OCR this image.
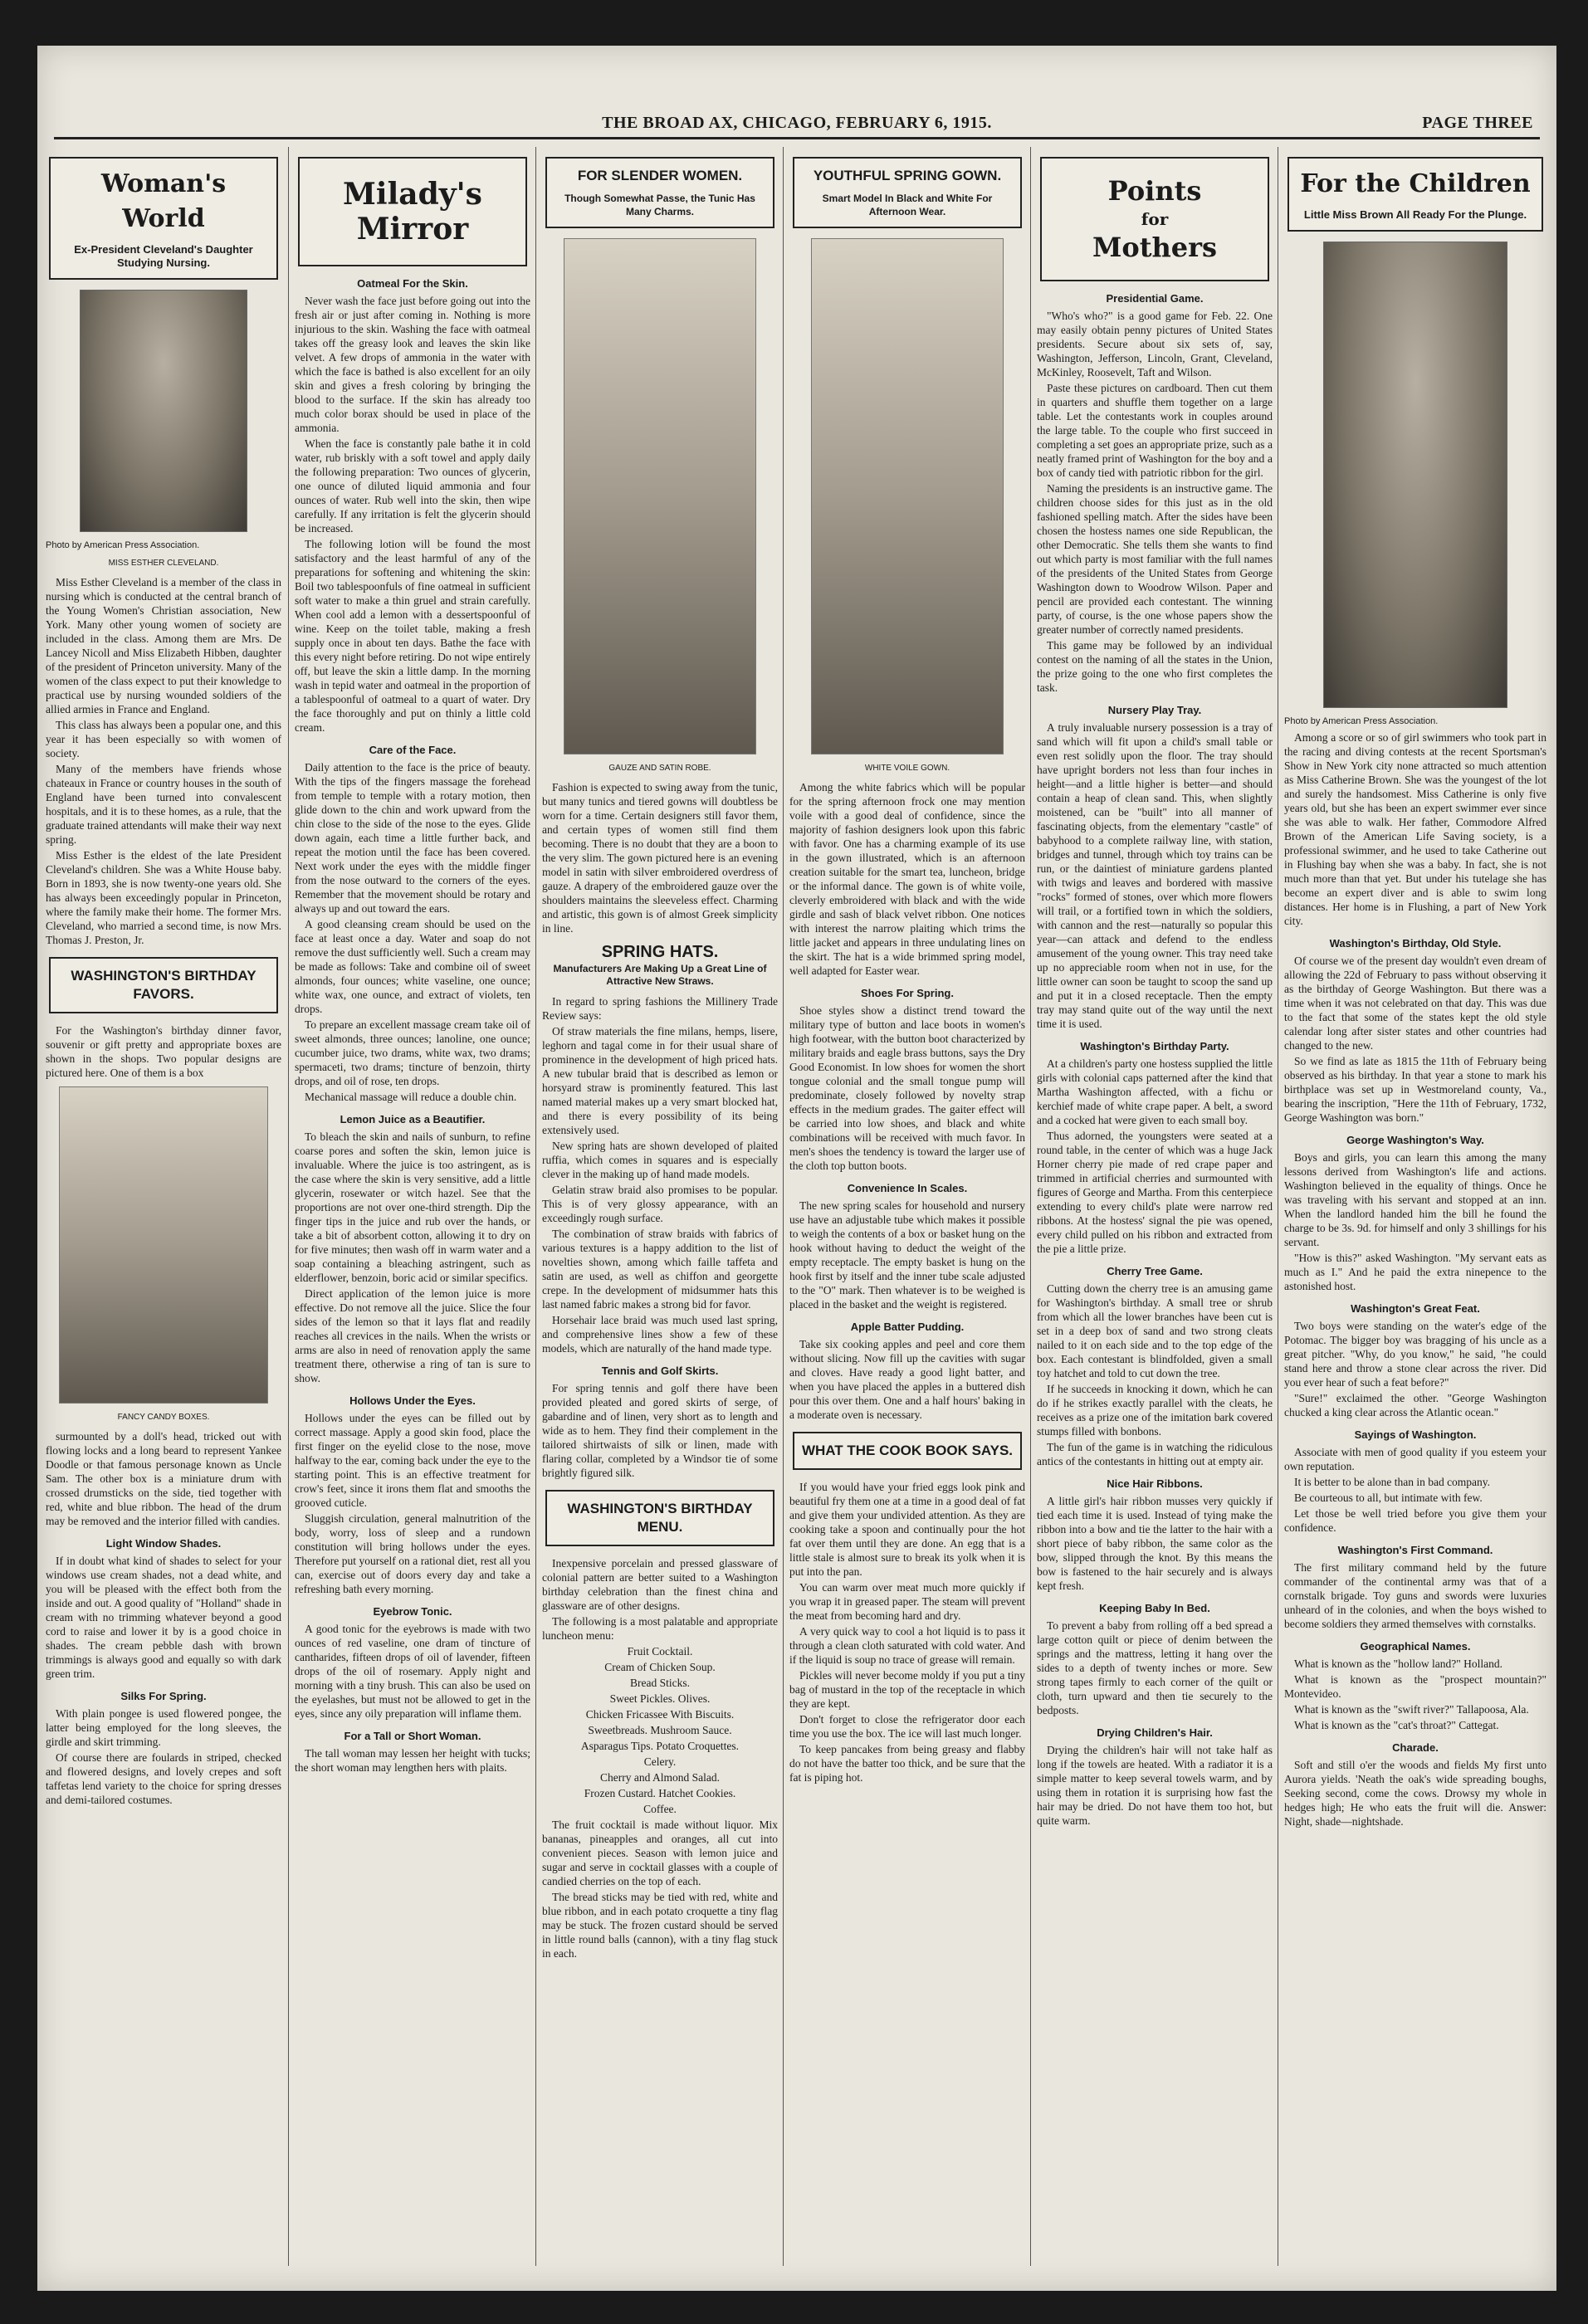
THE BROAD AX, CHICAGO, FEBRUARY 6, 1915.	PAGE THREE
Woman's World
Ex-President Cleveland's Daughter Studying Nursing.
Photo by American Press Association.
MISS ESTHER CLEVELAND.

Miss Esther Cleveland is a member of the class in nursing which is conducted at the central branch of the Young Women's Christian association, New York. Many other young women of society are included in the class. Among them are Mrs. De Lancey Nicoll and Miss Elizabeth Hibben, daughter of the president of Princeton university. Many of the women of the class expect to put their knowledge to practical use by nursing wounded soldiers of the allied armies in France and England.

This class has always been a popular one, and this year it has been especially so with women of society.

Many of the members have friends whose chateaux in France or country houses in the south of England have been turned into convalescent hospitals, and it is to these homes, as a rule, that the graduate trained attendants will make their way next spring.

Miss Esther is the eldest of the late President Cleveland's children. She was a White House baby. Born in 1893, she is now twenty-one years old. She has always been exceedingly popular in Princeton, where the family make their home. The former Mrs. Cleveland, who married a second time, is now Mrs. Thomas J. Preston, Jr.

WASHINGTON'S BIRTHDAY FAVORS.

For the Washington's birthday dinner favor, souvenir or gift pretty and appropriate boxes are shown in the shops. Two popular designs are pictured here. One of them is a box

FANCY CANDY BOXES.

surmounted by a doll's head, tricked out with flowing locks and a long beard to represent Yankee Doodle or that famous personage known as Uncle Sam. The other box is a miniature drum with crossed drumsticks on the side, tied together with red, white and blue ribbon. The head of the drum may be removed and the interior filled with candies.

Light Window Shades.

If in doubt what kind of shades to select for your windows use cream shades, not a dead white, and you will be pleased with the effect both from the inside and out. A good quality of "Holland" shade in cream with no trimming whatever beyond a good cord to raise and lower it by is a good choice in shades. The cream pebble dash with brown trimmings is always good and equally so with dark green trim.

Silks For Spring.

With plain pongee is used flowered pongee, the latter being employed for the long sleeves, the girdle and skirt trimming.

Of course there are foulards in striped, checked and flowered designs, and lovely crepes and soft taffetas lend variety to the choice for spring dresses and demi-tailored costumes.

Milady's
Mirror
Oatmeal For the Skin.

Never wash the face just before going out into the fresh air or just after coming in. Nothing is more injurious to the skin. Washing the face with oatmeal takes off the greasy look and leaves the skin like velvet. A few drops of ammonia in the water with which the face is bathed is also excellent for an oily skin and gives a fresh coloring by bringing the blood to the surface. If the skin has already too much color borax should be used in place of the ammonia.

When the face is constantly pale bathe it in cold water, rub briskly with a soft towel and apply daily the following preparation: Two ounces of glycerin, one ounce of diluted liquid ammonia and four ounces of water. Rub well into the skin, then wipe carefully. If any irritation is felt the glycerin should be increased.

The following lotion will be found the most satisfactory and the least harmful of any of the preparations for softening and whitening the skin: Boil two tablespoonfuls of fine oatmeal in sufficient soft water to make a thin gruel and strain carefully. When cool add a lemon with a dessertspoonful of wine. Keep on the toilet table, making a fresh supply once in about ten days. Bathe the face with this every night before retiring. Do not wipe entirely off, but leave the skin a little damp. In the morning wash in tepid water and oatmeal in the proportion of a tablespoonful of oatmeal to a quart of water. Dry the face thoroughly and put on thinly a little cold cream.

Care of the Face.

Daily attention to the face is the price of beauty. With the tips of the fingers massage the forehead from temple to temple with a rotary motion, then glide down to the chin and work upward from the chin close to the side of the nose to the eyes. Glide down again, each time a little further back, and repeat the motion until the face has been covered. Next work under the eyes with the middle finger from the nose outward to the corners of the eyes. Remember that the movement should be rotary and always up and out toward the ears.

A good cleansing cream should be used on the face at least once a day. Water and soap do not remove the dust sufficiently well. Such a cream may be made as follows: Take and combine oil of sweet almonds, four ounces; white vaseline, one ounce; white wax, one ounce, and extract of violets, ten drops.

To prepare an excellent massage cream take oil of sweet almonds, three ounces; lanoline, one ounce; cucumber juice, two drams, white wax, two drams; spermaceti, two drams; tincture of benzoin, thirty drops, and oil of rose, ten drops.

Mechanical massage will reduce a double chin.

Lemon Juice as a Beautifier.

To bleach the skin and nails of sunburn, to refine coarse pores and soften the skin, lemon juice is invaluable. Where the juice is too astringent, as is the case where the skin is very sensitive, add a little glycerin, rosewater or witch hazel. See that the proportions are not over one-third strength. Dip the finger tips in the juice and rub over the hands, or take a bit of absorbent cotton, allowing it to dry on for five minutes; then wash off in warm water and a soap containing a bleaching astringent, such as elderflower, benzoin, boric acid or similar specifics.

Direct application of the lemon juice is more effective. Do not remove all the juice. Slice the four sides of the lemon so that it lays flat and readily reaches all crevices in the nails. When the wrists or arms are also in need of renovation apply the same treatment there, otherwise a ring of tan is sure to show.

Hollows Under the Eyes.

Hollows under the eyes can be filled out by correct massage. Apply a good skin food, place the first finger on the eyelid close to the nose, move halfway to the ear, coming back under the eye to the starting point. This is an effective treatment for crow's feet, since it irons them flat and smooths the grooved cuticle.

Sluggish circulation, general malnutrition of the body, worry, loss of sleep and a rundown constitution will bring hollows under the eyes. Therefore put yourself on a rational diet, rest all you can, exercise out of doors every day and take a refreshing bath every morning.

Eyebrow Tonic.

A good tonic for the eyebrows is made with two ounces of red vaseline, one dram of tincture of cantharides, fifteen drops of oil of lavender, fifteen drops of the oil of rosemary. Apply night and morning with a tiny brush. This can also be used on the eyelashes, but must not be allowed to get in the eyes, since any oily preparation will inflame them.

For a Tall or Short Woman.

The tall woman may lessen her height with tucks; the short woman may lengthen hers with plaits.

FOR SLENDER WOMEN.
Though Somewhat Passe, the Tunic Has Many Charms.
GAUZE AND SATIN ROBE.

Fashion is expected to swing away from the tunic, but many tunics and tiered gowns will doubtless be worn for a time. Certain designers still favor them, and certain types of women still find them becoming. There is no doubt that they are a boon to the very slim. The gown pictured here is an evening model in satin with silver embroidered overdress of gauze. A drapery of the embroidered gauze over the shoulders maintains the sleeveless effect. Charming and artistic, this gown is of almost Greek simplicity in line.

SPRING HATS.
Manufacturers Are Making Up a Great Line of Attractive New Straws.

In regard to spring fashions the Millinery Trade Review says:

Of straw materials the fine milans, hemps, lisere, leghorn and tagal come in for their usual share of prominence in the development of high priced hats. A new tubular braid that is described as lemon or horsyard straw is prominently featured. This last named material makes up a very smart blocked hat, and there is every possibility of its being extensively used.

New spring hats are shown developed of plaited ruffia, which comes in squares and is especially clever in the making up of hand made models.

Gelatin straw braid also promises to be popular. This is of very glossy appearance, with an exceedingly rough surface.

The combination of straw braids with fabrics of various textures is a happy addition to the list of novelties shown, among which faille taffeta and satin are used, as well as chiffon and georgette crepe. In the development of midsummer hats this last named fabric makes a strong bid for favor.

Horsehair lace braid was much used last spring, and comprehensive lines show a few of these models, which are naturally of the hand made type.

Tennis and Golf Skirts.

For spring tennis and golf there have been provided pleated and gored skirts of serge, of gabardine and of linen, very short as to length and wide as to hem. They find their complement in the tailored shirtwaists of silk or linen, made with flaring collar, completed by a Windsor tie of some brightly figured silk.

WASHINGTON'S BIRTHDAY MENU.

Inexpensive porcelain and pressed glassware of colonial pattern are better suited to a Washington birthday celebration than the finest china and glassware are of other designs.

The following is a most palatable and appropriate luncheon menu:

Fruit Cocktail.

Cream of Chicken Soup.

Bread Sticks.

Sweet Pickles. Olives.

Chicken Fricassee With Biscuits.

Sweetbreads. Mushroom Sauce.

Asparagus Tips. Potato Croquettes.

Celery.

Cherry and Almond Salad.

Frozen Custard. Hatchet Cookies.

Coffee.

The fruit cocktail is made without liquor. Mix bananas, pineapples and oranges, all cut into convenient pieces. Season with lemon juice and sugar and serve in cocktail glasses with a couple of candied cherries on the top of each.

The bread sticks may be tied with red, white and blue ribbon, and in each potato croquette a tiny flag may be stuck. The frozen custard should be served in little round balls (cannon), with a tiny flag stuck in each.

YOUTHFUL SPRING GOWN.
Smart Model In Black and White For Afternoon Wear.
WHITE VOILE GOWN.

Among the white fabrics which will be popular for the spring afternoon frock one may mention voile with a good deal of confidence, since the majority of fashion designers look upon this fabric with favor. One has a charming example of its use in the gown illustrated, which is an afternoon creation suitable for the smart tea, luncheon, bridge or the informal dance. The gown is of white voile, cleverly embroidered with black and with the wide girdle and sash of black velvet ribbon. One notices with interest the narrow plaiting which trims the little jacket and appears in three undulating lines on the skirt. The hat is a wide brimmed spring model, well adapted for Easter wear.

Shoes For Spring.

Shoe styles show a distinct trend toward the military type of button and lace boots in women's high footwear, with the button boot characterized by military braids and eagle brass buttons, says the Dry Good Economist. In low shoes for women the short tongue colonial and the small tongue pump will predominate, closely followed by novelty strap effects in the medium grades. The gaiter effect will be carried into low shoes, and black and white combinations will be received with much favor. In men's shoes the tendency is toward the larger use of the cloth top button boots.

Convenience In Scales.

The new spring scales for household and nursery use have an adjustable tube which makes it possible to weigh the contents of a box or basket hung on the hook without having to deduct the weight of the empty receptacle. The empty basket is hung on the hook first by itself and the inner tube scale adjusted to the "O" mark. Then whatever is to be weighed is placed in the basket and the weight is registered.

Apple Batter Pudding.

Take six cooking apples and peel and core them without slicing. Now fill up the cavities with sugar and cloves. Have ready a good light batter, and when you have placed the apples in a buttered dish pour this over them. One and a half hours' baking in a moderate oven is necessary.

WHAT THE COOK BOOK SAYS.

If you would have your fried eggs look pink and beautiful fry them one at a time in a good deal of fat and give them your undivided attention. As they are cooking take a spoon and continually pour the hot fat over them until they are done. An egg that is a little stale is almost sure to break its yolk when it is put into the pan.

You can warm over meat much more quickly if you wrap it in greased paper. The steam will prevent the meat from becoming hard and dry.

A very quick way to cool a hot liquid is to pass it through a clean cloth saturated with cold water. And if the liquid is soup no trace of grease will remain.

Pickles will never become moldy if you put a tiny bag of mustard in the top of the receptacle in which they are kept.

Don't forget to close the refrigerator door each time you use the box. The ice will last much longer.

To keep pancakes from being greasy and flabby do not have the batter too thick, and be sure that the fat is piping hot.

Points
for
Mothers
Presidential Game.

"Who's who?" is a good game for Feb. 22. One may easily obtain penny pictures of United States presidents. Secure about six sets of, say, Washington, Jefferson, Lincoln, Grant, Cleveland, McKinley, Roosevelt, Taft and Wilson.

Paste these pictures on cardboard. Then cut them in quarters and shuffle them together on a large table. Let the contestants work in couples around the large table. To the couple who first succeed in completing a set goes an appropriate prize, such as a neatly framed print of Washington for the boy and a box of candy tied with patriotic ribbon for the girl.

Naming the presidents is an instructive game. The children choose sides for this just as in the old fashioned spelling match. After the sides have been chosen the hostess names one side Republican, the other Democratic. She tells them she wants to find out which party is most familiar with the full names of the presidents of the United States from George Washington down to Woodrow Wilson. Paper and pencil are provided each contestant. The winning party, of course, is the one whose papers show the greater number of correctly named presidents.

This game may be followed by an individual contest on the naming of all the states in the Union, the prize going to the one who first completes the task.

Nursery Play Tray.

A truly invaluable nursery possession is a tray of sand which will fit upon a child's small table or even rest solidly upon the floor. The tray should have upright borders not less than four inches in height—and a little higher is better—and should contain a heap of clean sand. This, when slightly moistened, can be "built" into all manner of fascinating objects, from the elementary "castle" of babyhood to a complete railway line, with station, bridges and tunnel, through which toy trains can be run, or the daintiest of miniature gardens planted with twigs and leaves and bordered with massive "rocks" formed of stones, over which more flowers will trail, or a fortified town in which the soldiers, with cannon and the rest—naturally so popular this year—can attack and defend to the endless amusement of the young owner. This tray need take up no appreciable room when not in use, for the little owner can soon be taught to scoop the sand up and put it in a closed receptacle. Then the empty tray may stand quite out of the way until the next time it is used.

Washington's Birthday Party.

At a children's party one hostess supplied the little girls with colonial caps patterned after the kind that Martha Washington affected, with a fichu or kerchief made of white crape paper. A belt, a sword and a cocked hat were given to each small boy.

Thus adorned, the youngsters were seated at a round table, in the center of which was a huge Jack Horner cherry pie made of red crape paper and trimmed in artificial cherries and surmounted with figures of George and Martha. From this centerpiece extending to every child's plate were narrow red ribbons. At the hostess' signal the pie was opened, every child pulled on his ribbon and extracted from the pie a little prize.

Cherry Tree Game.

Cutting down the cherry tree is an amusing game for Washington's birthday. A small tree or shrub from which all the lower branches have been cut is set in a deep box of sand and two strong cleats nailed to it on each side and to the top edge of the box. Each contestant is blindfolded, given a small toy hatchet and told to cut down the tree.

If he succeeds in knocking it down, which he can do if he strikes exactly parallel with the cleats, he receives as a prize one of the imitation bark covered stumps filled with bonbons.

The fun of the game is in watching the ridiculous antics of the contestants in hitting out at empty air.

Nice Hair Ribbons.

A little girl's hair ribbon musses very quickly if tied each time it is used. Instead of tying make the ribbon into a bow and tie the latter to the hair with a short piece of baby ribbon, the same color as the bow, slipped through the knot. By this means the bow is fastened to the hair securely and is always kept fresh.

Keeping Baby In Bed.

To prevent a baby from rolling off a bed spread a large cotton quilt or piece of denim between the springs and the mattress, letting it hang over the sides to a depth of twenty inches or more. Sew strong tapes firmly to each corner of the quilt or cloth, turn upward and then tie securely to the bedposts.

Drying Children's Hair.

Drying the children's hair will not take half as long if the towels are heated. With a radiator it is a simple matter to keep several towels warm, and by using them in rotation it is surprising how fast the hair may be dried. Do not have them too hot, but quite warm.

For the Children
Little Miss Brown All Ready For the Plunge.
Photo by American Press Association.

Among a score or so of girl swimmers who took part in the racing and diving contests at the recent Sportsman's Show in New York city none attracted so much attention as Miss Catherine Brown. She was the youngest of the lot and surely the handsomest. Miss Catherine is only five years old, but she has been an expert swimmer ever since she was able to walk. Her father, Commodore Alfred Brown of the American Life Saving society, is a professional swimmer, and he used to take Catherine out in Flushing bay when she was a baby. In fact, she is not much more than that yet. But under his tutelage she has become an expert diver and is able to swim long distances. Her home is in Flushing, a part of New York city.

Washington's Birthday, Old Style.

Of course we of the present day wouldn't even dream of allowing the 22d of February to pass without observing it as the birthday of George Washington. But there was a time when it was not celebrated on that day. This was due to the fact that some of the states kept the old style calendar long after sister states and other countries had changed to the new.

So we find as late as 1815 the 11th of February being observed as his birthday. In that year a stone to mark his birthplace was set up in Westmoreland county, Va., bearing the inscription, "Here the 11th of February, 1732, George Washington was born."

George Washington's Way.

Boys and girls, you can learn this among the many lessons derived from Washington's life and actions. Washington believed in the equality of things. Once he was traveling with his servant and stopped at an inn. When the landlord handed him the bill he found the charge to be 3s. 9d. for himself and only 3 shillings for his servant.

"How is this?" asked Washington. "My servant eats as much as I." And he paid the extra ninepence to the astonished host.

Washington's Great Feat.

Two boys were standing on the water's edge of the Potomac. The bigger boy was bragging of his uncle as a great pitcher. "Why, do you know," he said, "he could stand here and throw a stone clear across the river. Did you ever hear of such a feat before?"

"Sure!" exclaimed the other. "George Washington chucked a king clear across the Atlantic ocean."

Sayings of Washington.

Associate with men of good quality if you esteem your own reputation.

It is better to be alone than in bad company.

Be courteous to all, but intimate with few.

Let those be well tried before you give them your confidence.

Washington's First Command.

The first military command held by the future commander of the continental army was that of a cornstalk brigade. Toy guns and swords were luxuries unheard of in the colonies, and when the boys wished to become soldiers they armed themselves with cornstalks.

Geographical Names.

What is known as the "hollow land?" Holland.

What is known as the "prospect mountain?" Montevideo.

What is known as the "swift river?" Tallapoosa, Ala.

What is known as the "cat's throat?" Cattegat.

Charade.

Soft and still o'er the woods and fields My first unto Aurora yields. 'Neath the oak's wide spreading boughs, Seeking second, come the cows. Drowsy my whole in hedges high; He who eats the fruit will die. Answer: Night, shade—nightshade.
